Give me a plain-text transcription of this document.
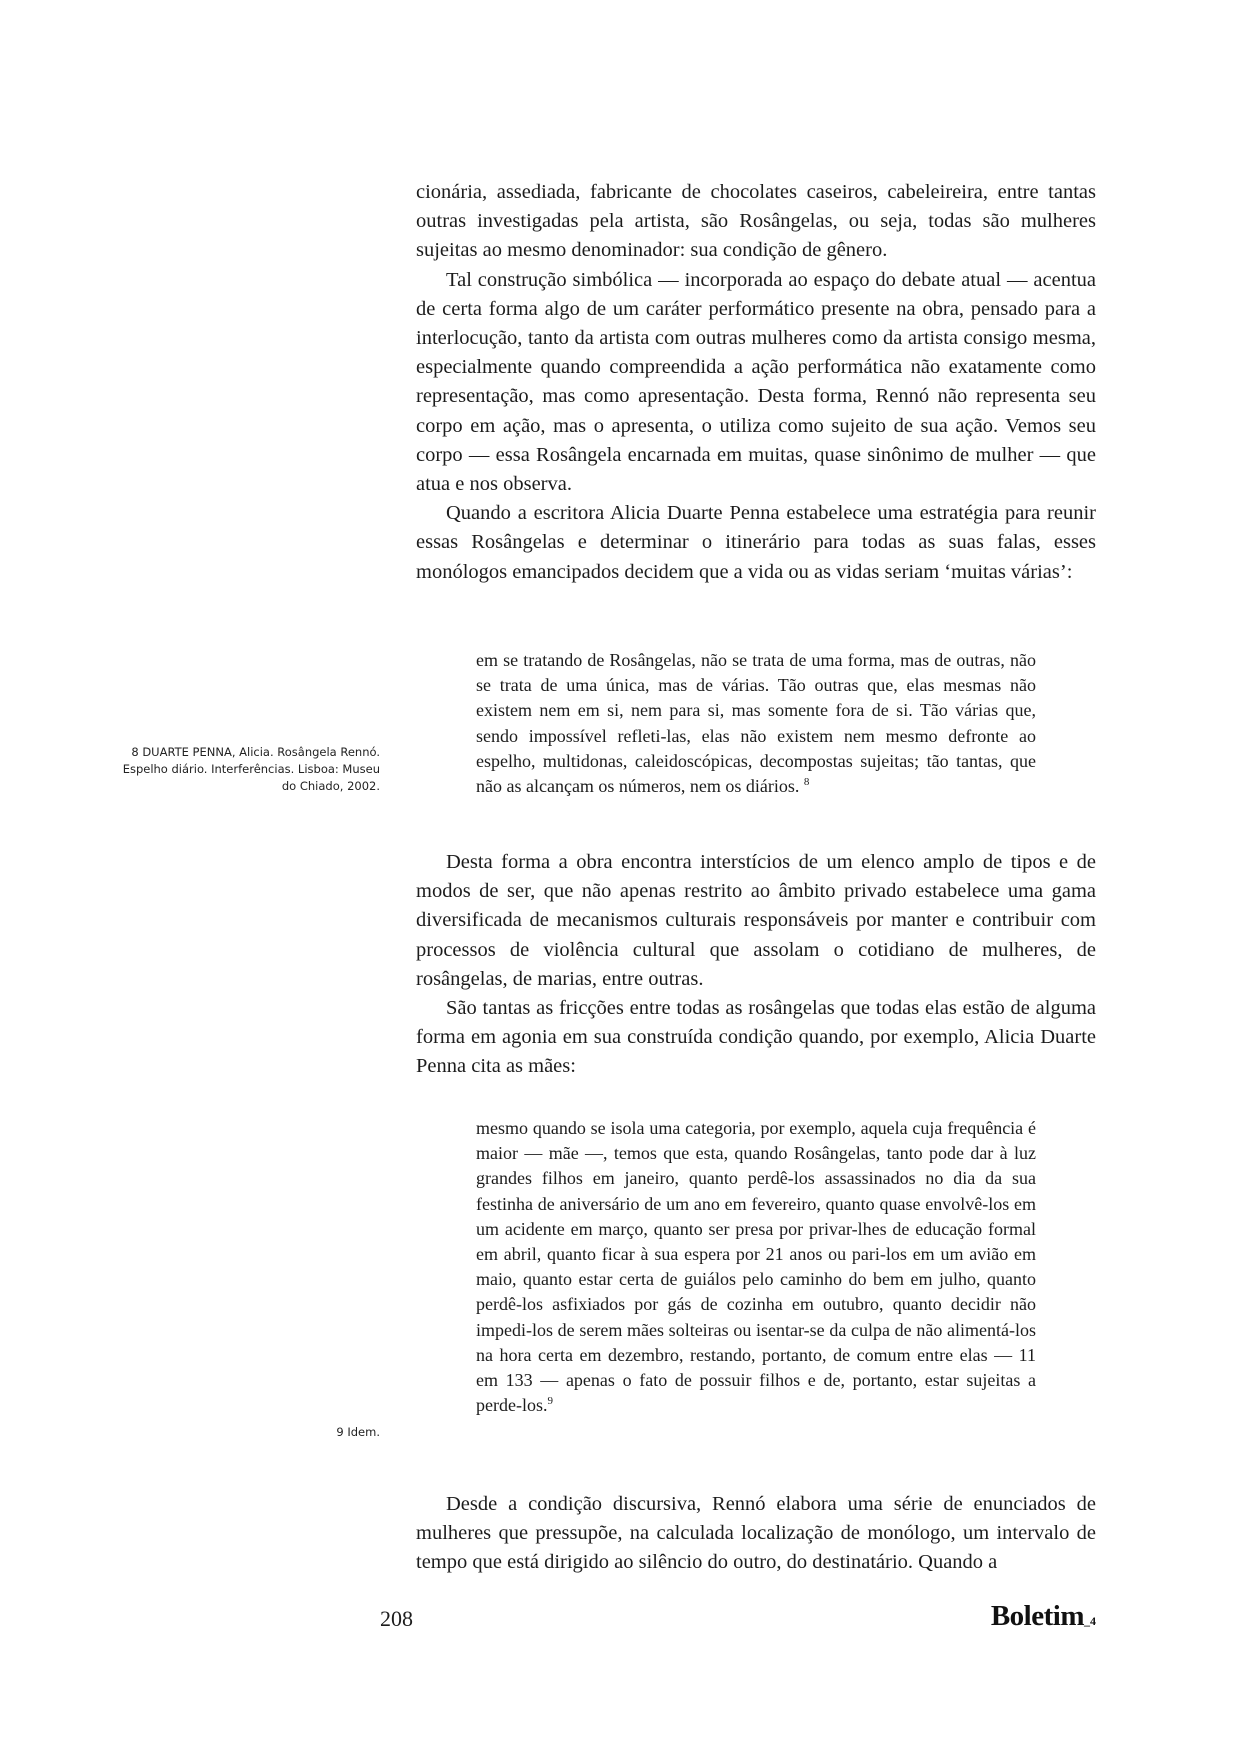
cionária, assediada, fabricante de chocolates caseiros, cabeleireira, entre tantas outras investigadas pela artista, são Rosângelas, ou seja, todas são mulheres sujeitas ao mesmo denominador: sua condição de gênero.

Tal construção simbólica — incorporada ao espaço do debate atual — acentua de certa forma algo de um caráter performático presente na obra, pensado para a interlocução, tanto da artista com outras mulheres como da artista consigo mesma, especialmente quando compreendida a ação performática não exatamente como representação, mas como apresentação. Desta forma, Rennó não representa seu corpo em ação, mas o apresenta, o utiliza como sujeito de sua ação. Vemos seu corpo — essa Rosângela encarnada em muitas, quase sinônimo de mulher — que atua e nos observa.

Quando a escritora Alicia Duarte Penna estabelece uma estratégia para reunir essas Rosângelas e determinar o itinerário para todas as suas falas, esses monólogos emancipados decidem que a vida ou as vidas seriam ‘muitas várias’:

em se tratando de Rosângelas, não se trata de uma forma, mas de outras, não se trata de uma única, mas de várias. Tão outras que, elas mesmas não existem nem em si, nem para si, mas somente fora de si. Tão várias que, sendo impossível refleti-las, elas não existem nem mesmo defronte ao espelho, multidonas, caleidoscópicas, decompostas sujeitas; tão tantas, que não as alcançam os números, nem os diários. $^8$

8 DUARTE PENNA, Alicia. Rosângela Rennó.
Espelho diário. Interferências. Lisboa: Museu
do Chiado, 2002.

Desta forma a obra encontra interstícios de um elenco amplo de tipos e de modos de ser, que não apenas restrito ao âmbito privado estabelece uma gama diversificada de mecanismos culturais responsáveis por manter e contribuir com processos de violência cultural que assolam o cotidiano de mulheres, de rosângelas, de marias, entre outras.

São tantas as fricções entre todas as rosângelas que todas elas estão de alguma forma em agonia em sua construída condição quando, por exemplo, Alicia Duarte Penna cita as mães:

mesmo quando se isola uma categoria, por exemplo, aquela cuja frequência é maior — mãe —, temos que esta, quando Rosângelas, tanto pode dar à luz grandes filhos em janeiro, quanto perdê-los assassinados no dia da sua festinha de aniversário de um ano em fevereiro, quanto quase envolvê-los em um acidente em março, quanto ser presa por privar-lhes de educação formal em abril, quanto ficar à sua espera por 21 anos ou pari-los em um avião em maio, quanto estar certa de guiálos pelo caminho do bem em julho, quanto perdê-los asfixiados por gás de cozinha em outubro, quanto decidir não impedi-los de serem mães solteiras ou isentar-se da culpa de não alimentá-los na hora certa em dezembro, restando, portanto, de comum entre elas — 11 em 133 — apenas o fato de possuir filhos e de, portanto, estar sujeitas a perde-los.$^9$

9 Idem.

Desde a condição discursiva, Rennó elabora uma série de enunciados de mulheres que pressupõe, na calculada localização de monólogo, um intervalo de tempo que está dirigido ao silêncio do outro, do destinatário. Quando a

208	Boletim_4
